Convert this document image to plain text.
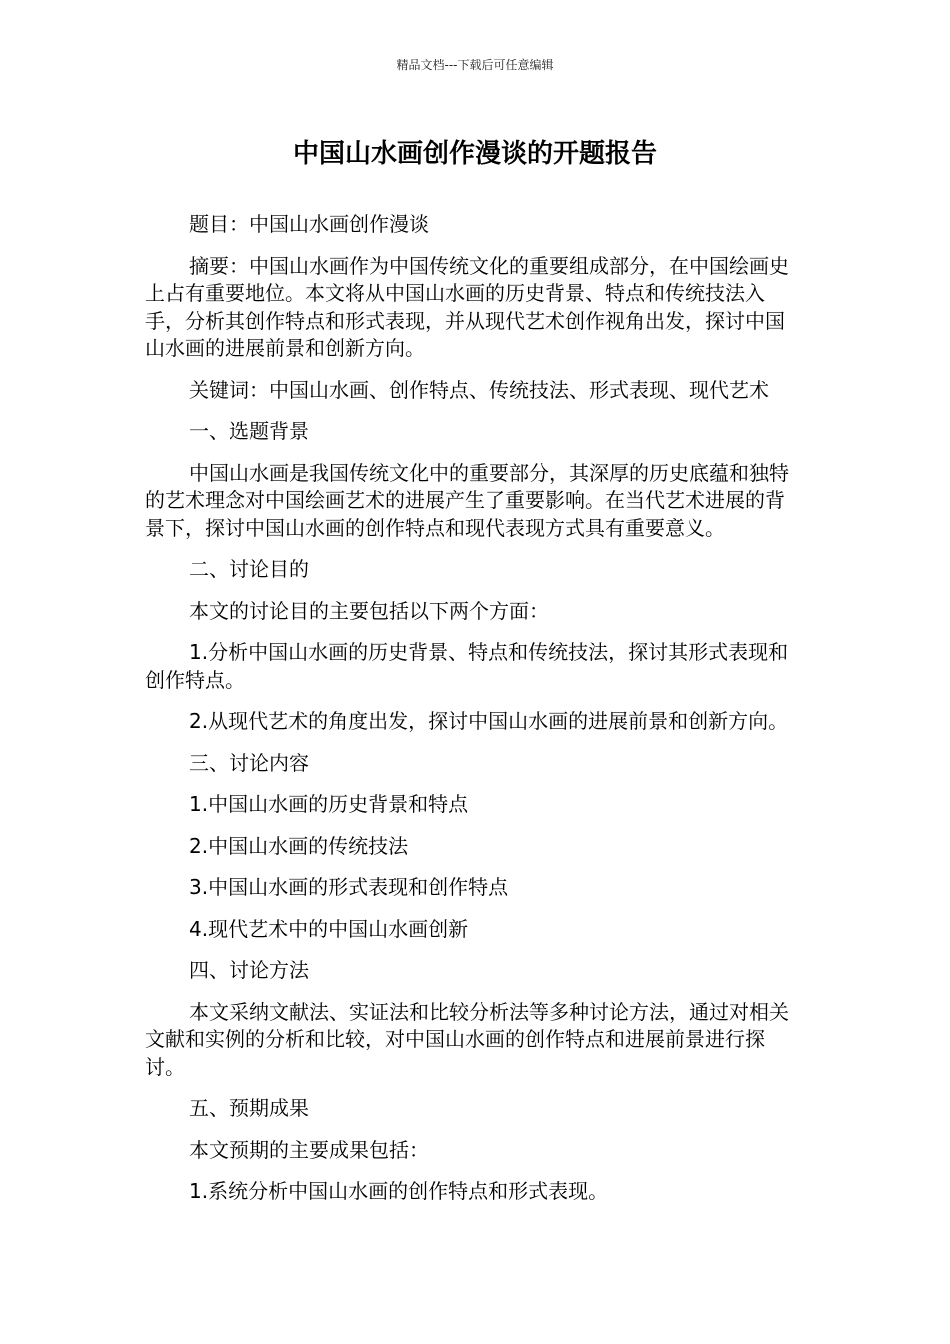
精品文档---下载后可任意编辑
中国山水画创作漫谈的开题报告

题目：中国山水画创作漫谈

摘要：中国山水画作为中国传统文化的重要组成部分，在中国绘画史上占有重要地位。本文将从中国山水画的历史背景、特点和传统技法入手，分析其创作特点和形式表现，并从现代艺术创作视角出发，探讨中国山水画的进展前景和创新方向。

关键词：中国山水画、创作特点、传统技法、形式表现、现代艺术

一、选题背景

中国山水画是我国传统文化中的重要部分，其深厚的历史底蕴和独特的艺术理念对中国绘画艺术的进展产生了重要影响。在当代艺术进展的背景下，探讨中国山水画的创作特点和现代表现方式具有重要意义。

二、讨论目的

本文的讨论目的主要包括以下两个方面：

1.分析中国山水画的历史背景、特点和传统技法，探讨其形式表现和创作特点。

2.从现代艺术的角度出发，探讨中国山水画的进展前景和创新方向。

三、讨论内容

1.中国山水画的历史背景和特点

2.中国山水画的传统技法

3.中国山水画的形式表现和创作特点

4.现代艺术中的中国山水画创新

四、讨论方法

本文采纳文献法、实证法和比较分析法等多种讨论方法，通过对相关文献和实例的分析和比较，对中国山水画的创作特点和进展前景进行探讨。

五、预期成果

本文预期的主要成果包括：

1.系统分析中国山水画的创作特点和形式表现。
